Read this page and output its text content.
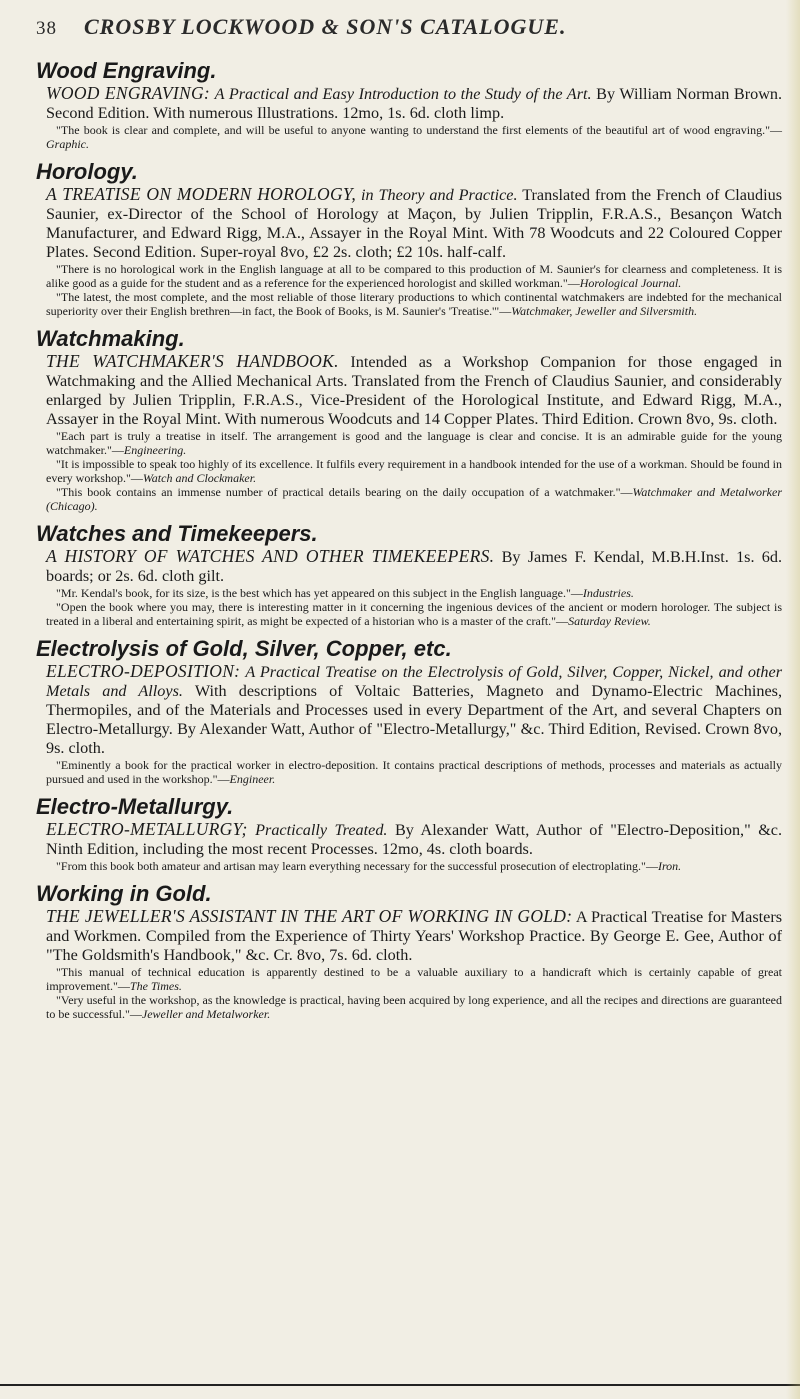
38	CROSBY LOCKWOOD & SON'S CATALOGUE.
Wood Engraving.

WOOD ENGRAVING: A Practical and Easy Introduction to the Study of the Art. By William Norman Brown. Second Edition. With numerous Illustrations. 12mo, 1s. 6d. cloth limp.

"The book is clear and complete, and will be useful to anyone wanting to understand the first elements of the beautiful art of wood engraving."—Graphic.

Horology.

A TREATISE ON MODERN HOROLOGY, in Theory and Practice. Translated from the French of Claudius Saunier, ex-Director of the School of Horology at Maçon, by Julien Tripplin, F.R.A.S., Besançon Watch Manufacturer, and Edward Rigg, M.A., Assayer in the Royal Mint. With 78 Woodcuts and 22 Coloured Copper Plates. Second Edition. Super-royal 8vo, £2 2s. cloth; £2 10s. half-calf.

"There is no horological work in the English language at all to be compared to this production of M. Saunier's for clearness and completeness. It is alike good as a guide for the student and as a reference for the experienced horologist and skilled workman."—Horological Journal.

"The latest, the most complete, and the most reliable of those literary productions to which continental watchmakers are indebted for the mechanical superiority over their English brethren—in fact, the Book of Books, is M. Saunier's 'Treatise.'"—Watchmaker, Jeweller and Silversmith.

Watchmaking.

THE WATCHMAKER'S HANDBOOK. Intended as a Workshop Companion for those engaged in Watchmaking and the Allied Mechanical Arts. Translated from the French of Claudius Saunier, and considerably enlarged by Julien Tripplin, F.R.A.S., Vice-President of the Horological Institute, and Edward Rigg, M.A., Assayer in the Royal Mint. With numerous Woodcuts and 14 Copper Plates. Third Edition. Crown 8vo, 9s. cloth.

"Each part is truly a treatise in itself. The arrangement is good and the language is clear and concise. It is an admirable guide for the young watchmaker."—Engineering.

"It is impossible to speak too highly of its excellence. It fulfils every requirement in a handbook intended for the use of a workman. Should be found in every workshop."—Watch and Clockmaker.

"This book contains an immense number of practical details bearing on the daily occupation of a watchmaker."—Watchmaker and Metalworker (Chicago).

Watches and Timekeepers.

A HISTORY OF WATCHES AND OTHER TIMEKEEPERS. By James F. Kendal, M.B.H.Inst. 1s. 6d. boards; or 2s. 6d. cloth gilt.

"Mr. Kendal's book, for its size, is the best which has yet appeared on this subject in the English language."—Industries.

"Open the book where you may, there is interesting matter in it concerning the ingenious devices of the ancient or modern horologer. The subject is treated in a liberal and entertaining spirit, as might be expected of a historian who is a master of the craft."—Saturday Review.

Electrolysis of Gold, Silver, Copper, etc.

ELECTRO-DEPOSITION: A Practical Treatise on the Electrolysis of Gold, Silver, Copper, Nickel, and other Metals and Alloys. With descriptions of Voltaic Batteries, Magneto and Dynamo-Electric Machines, Thermopiles, and of the Materials and Processes used in every Department of the Art, and several Chapters on Electro-Metallurgy. By Alexander Watt, Author of "Electro-Metallurgy," &c. Third Edition, Revised. Crown 8vo, 9s. cloth.

"Eminently a book for the practical worker in electro-deposition. It contains practical descriptions of methods, processes and materials as actually pursued and used in the workshop."—Engineer.

Electro-Metallurgy.

ELECTRO-METALLURGY; Practically Treated. By Alexander Watt, Author of "Electro-Deposition," &c. Ninth Edition, including the most recent Processes. 12mo, 4s. cloth boards.

"From this book both amateur and artisan may learn everything necessary for the successful prosecution of electroplating."—Iron.

Working in Gold.

THE JEWELLER'S ASSISTANT IN THE ART OF WORKING IN GOLD: A Practical Treatise for Masters and Workmen. Compiled from the Experience of Thirty Years' Workshop Practice. By George E. Gee, Author of "The Goldsmith's Handbook," &c. Cr. 8vo, 7s. 6d. cloth.

"This manual of technical education is apparently destined to be a valuable auxiliary to a handicraft which is certainly capable of great improvement."—The Times.

"Very useful in the workshop, as the knowledge is practical, having been acquired by long experience, and all the recipes and directions are guaranteed to be successful."—Jeweller and Metalworker.
